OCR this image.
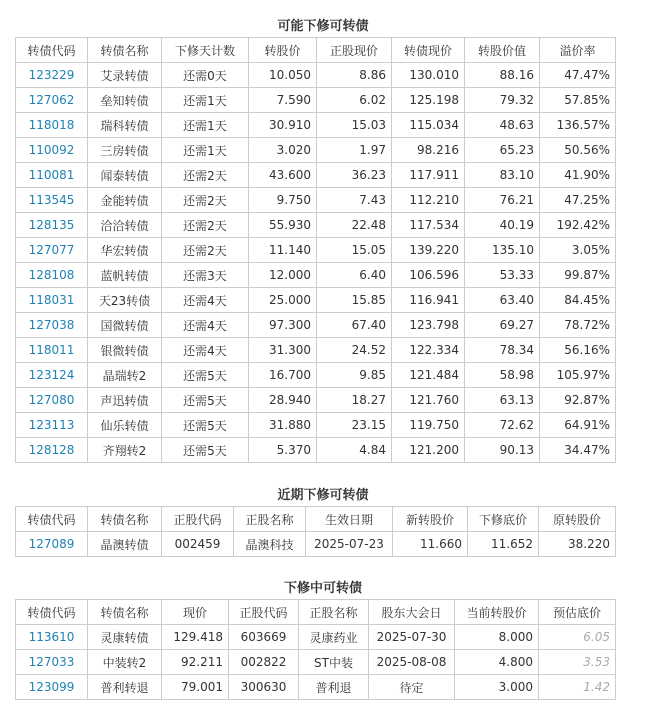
可能下修可转债
转债代码	转债名称	下修天计数	转股价	正股现价	转债现价	转股价值	溢价率
123229	艾录转债	还需0天	10.050	8.86	130.010	88.16	47.47%
127062	垒知转债	还需1天	7.590	6.02	125.198	79.32	57.85%
118018	瑞科转债	还需1天	30.910	15.03	115.034	48.63	136.57%
110092	三房转债	还需1天	3.020	1.97	98.216	65.23	50.56%
110081	闻泰转债	还需2天	43.600	36.23	117.911	83.10	41.90%
113545	金能转债	还需2天	9.750	7.43	112.210	76.21	47.25%
128135	洽洽转债	还需2天	55.930	22.48	117.534	40.19	192.42%
127077	华宏转债	还需2天	11.140	15.05	139.220	135.10	3.05%
128108	蓝帆转债	还需3天	12.000	6.40	106.596	53.33	99.87%
118031	天23转债	还需4天	25.000	15.85	116.941	63.40	84.45%
127038	国微转债	还需4天	97.300	67.40	123.798	69.27	78.72%
118011	银微转债	还需4天	31.300	24.52	122.334	78.34	56.16%
123124	晶瑞转2	还需5天	16.700	9.85	121.484	58.98	105.97%
127080	声迅转债	还需5天	28.940	18.27	121.760	63.13	92.87%
123113	仙乐转债	还需5天	31.880	23.15	119.750	72.62	64.91%
128128	齐翔转2	还需5天	5.370	4.84	121.200	90.13	34.47%
近期下修可转债
转债代码	转债名称	正股代码	正股名称	生效日期	新转股价	下修底价	原转股价
127089	晶澳转债	002459	晶澳科技	2025-07-23	11.660	11.652	38.220
下修中可转债
转债代码	转债名称	现价	正股代码	正股名称	股东大会日	当前转股价	预估底价
113610	灵康转债	129.418	603669	灵康药业	2025-07-30	8.000	6.05
127033	中装转2	92.211	002822	ST中装	2025-08-08	4.800	3.53
123099	普利转退	79.001	300630	普利退	待定	3.000	1.42
